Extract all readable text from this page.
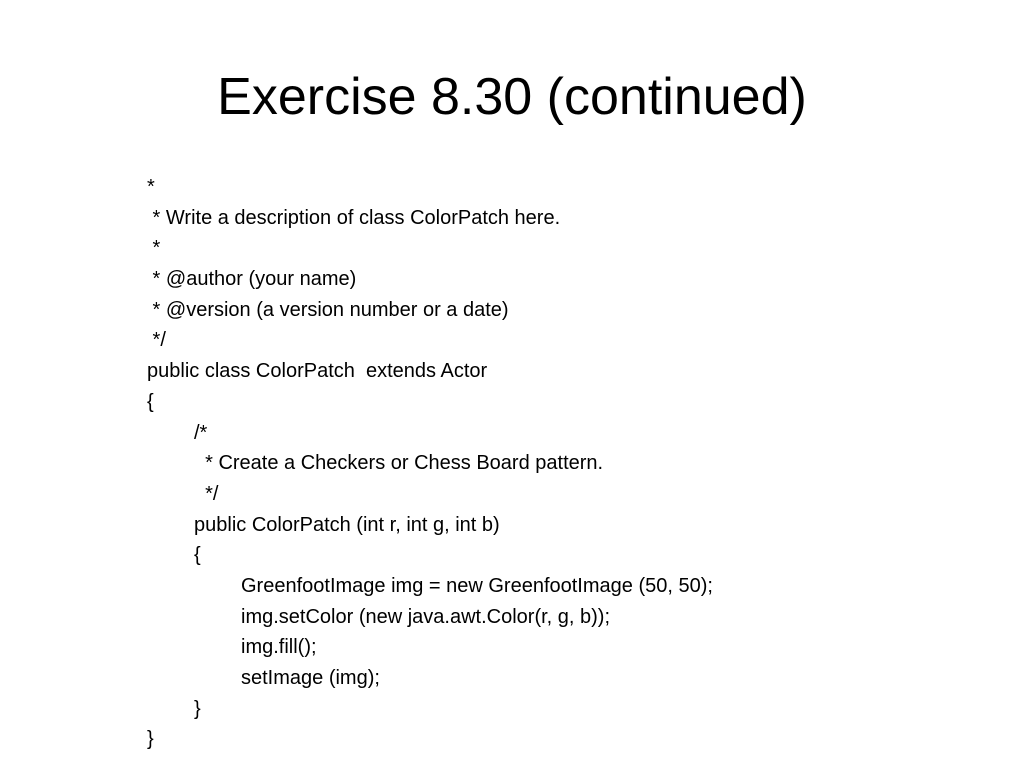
Exercise 8.30 (continued)
*
* Write a description of class ColorPatch here.
*
* @author (your name)
* @version (a version number or a date)
*/
public class ColorPatch  extends Actor
{
/*
* Create a Checkers or Chess Board pattern.
*/
public ColorPatch (int r, int g, int b)
{
GreenfootImage img = new GreenfootImage (50, 50);
img.setColor (new java.awt.Color(r, g, b));
img.fill();
setImage (img);
}
}
